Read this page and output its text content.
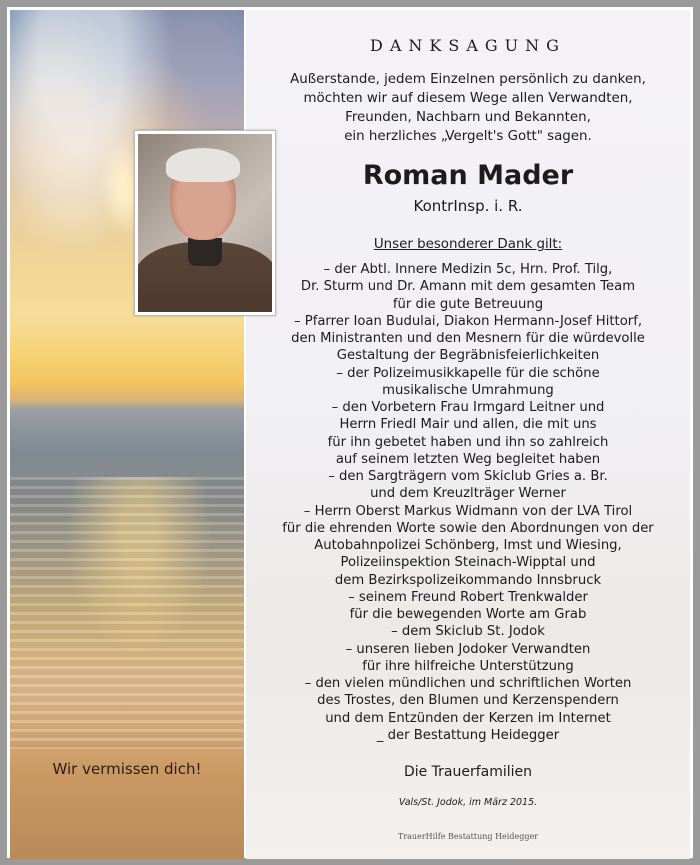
Wir vermissen dich!
DANKSAGUNG
Außerstande, jedem Einzelnen persönlich zu danken,
möchten wir auf diesem Wege allen Verwandten,
Freunden, Nachbarn und Bekannten,
ein herzliches „Vergelt's Gott" sagen.
Roman Mader
KontrInsp. i. R.
Unser besonderer Dank gilt:
– der Abtl. Innere Medizin 5c, Hrn. Prof. Tilg,
Dr. Sturm und Dr. Amann mit dem gesamten Team
für die gute Betreuung
– Pfarrer Ioan Budulai, Diakon Hermann-Josef Hittorf,
den Ministranten und den Mesnern für die würdevolle
Gestaltung der Begräbnisfeierlichkeiten
– der Polizeimusikkapelle für die schöne
musikalische Umrahmung
– den Vorbetern Frau Irmgard Leitner und
Herrn Friedl Mair und allen, die mit uns
für ihn gebetet haben und ihn so zahlreich
auf seinem letzten Weg begleitet haben
– den Sargträgern vom Skiclub Gries a. Br.
und dem Kreuzlträger Werner
– Herrn Oberst Markus Widmann von der LVA Tirol
für die ehrenden Worte sowie den Abordnungen von der
Autobahnpolizei Schönberg, Imst und Wiesing,
Polizeiinspektion Steinach-Wipptal und
dem Bezirkspolizeikommando Innsbruck
– seinem Freund Robert Trenkwalder
für die bewegenden Worte am Grab
– dem Skiclub St. Jodok
– unseren lieben Jodoker Verwandten
für ihre hilfreiche Unterstützung
– den vielen mündlichen und schriftlichen Worten
des Trostes, den Blumen und Kerzenspendern
und dem Entzünden der Kerzen im Internet
_ der Bestattung Heidegger
Die Trauerfamilien
Vals/St. Jodok, im März 2015.
TrauerHilfe Bestattung Heidegger
